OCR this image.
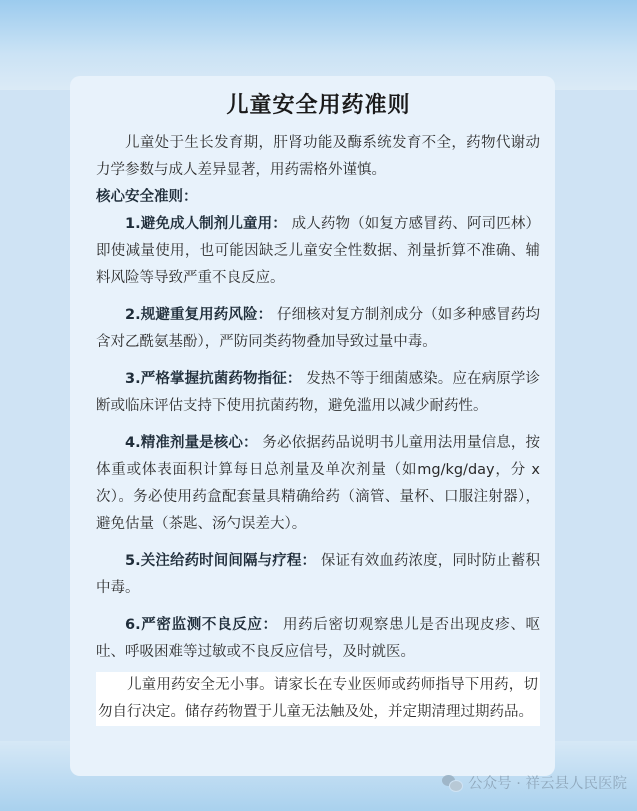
儿童安全用药准则

儿童处于生长发育期，肝肾功能及酶系统发育不全，药物代谢动力学参数与成人差异显著，用药需格外谨慎。

核心安全准则：

1.避免成人制剂儿童用： 成人药物（如复方感冒药、阿司匹林）即使减量使用，也可能因缺乏儿童安全性数据、剂量折算不准确、辅料风险等导致严重不良反应。

2.规避重复用药风险： 仔细核对复方制剂成分（如多种感冒药均含对乙酰氨基酚），严防同类药物叠加导致过量中毒。

3.严格掌握抗菌药物指征： 发热不等于细菌感染。应在病原学诊断或临床评估支持下使用抗菌药物，避免滥用以减少耐药性。

4.精准剂量是核心： 务必依据药品说明书儿童用法用量信息，按体重或体表面积计算每日总剂量及单次剂量（如mg/kg/day，分 x 次）。务必使用药盒配套量具精确给药（滴管、量杯、口服注射器），避免估量（茶匙、汤勺误差大）。

5.关注给药时间间隔与疗程： 保证有效血药浓度，同时防止蓄积中毒。

6.严密监测不良反应： 用药后密切观察患儿是否出现皮疹、呕吐、呼吸困难等过敏或不良反应信号，及时就医。

儿童用药安全无小事。请家长在专业医师或药师指导下用药，切勿自行决定。储存药物置于儿童无法触及处，并定期清理过期药品。

公众号 · 祥云县人民医院
